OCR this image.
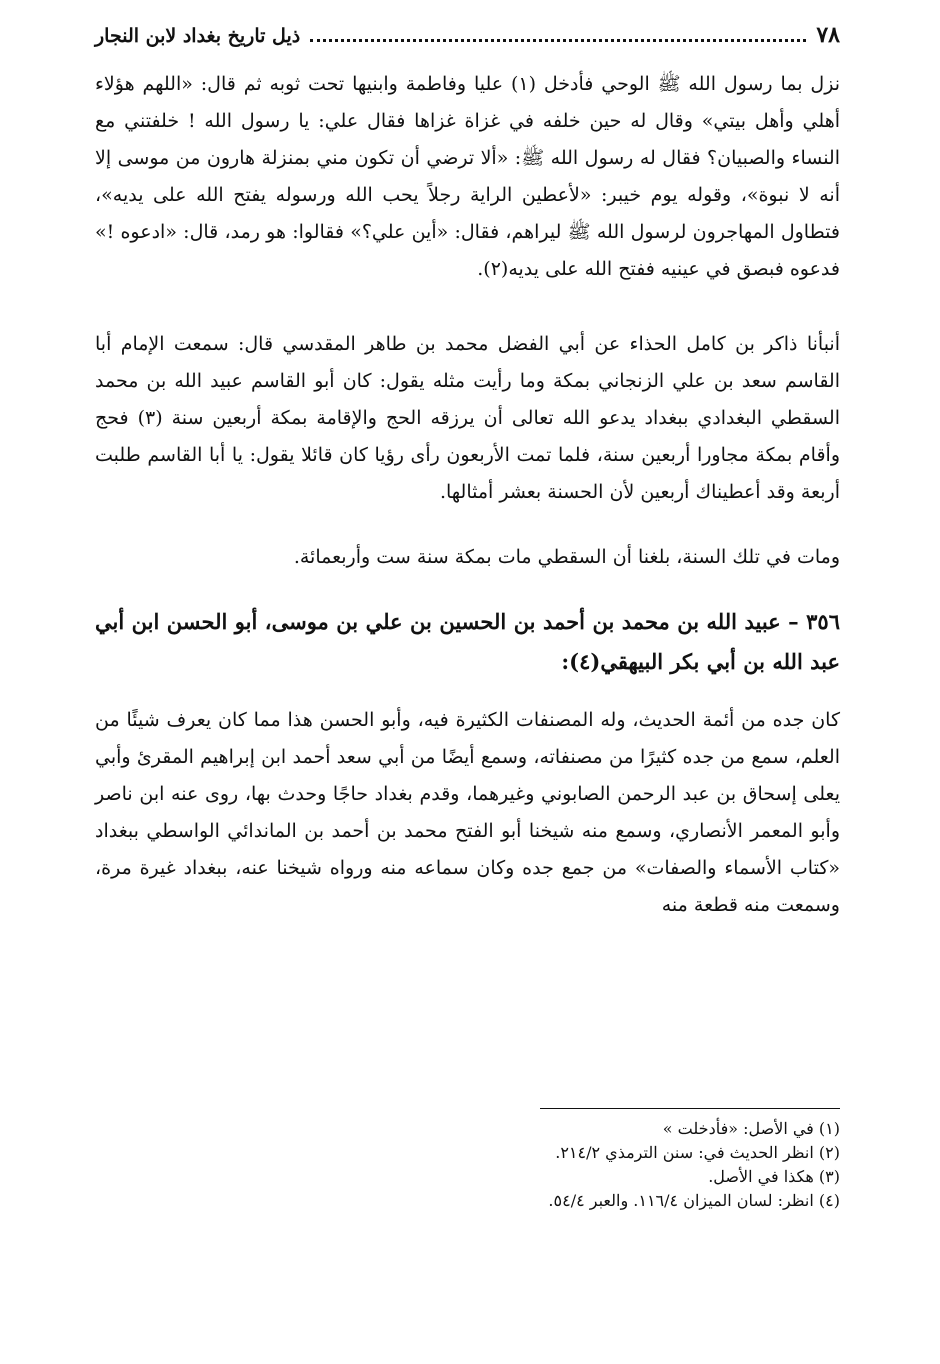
٧٨
ذيل تاريخ بغداد لابن النجار

نزل بما رسول الله ﷺ الوحي فأدخل (١) عليا وفاطمة وابنيها تحت ثوبه ثم قال: «اللهم هؤلاء أهلي وأهل بيتي» وقال له حين خلفه في غزاة غزاها فقال علي: يا رسول الله ! خلفتني مع النساء والصبيان؟ فقال له رسول الله ﷺ: «ألا ترضي أن تكون مني بمنزلة هارون من موسى إلا أنه لا نبوة»، وقوله يوم خيبر: «لأعطين الراية رجلاً يحب الله ورسوله يفتح الله على يديه»، فتطاول المهاجرون لرسول الله ﷺ ليراهم، فقال: «أين علي؟» فقالوا: هو رمد، قال: «ادعوه !» فدعوه فبصق في عينيه ففتح الله على يديه(٢).

أنبأنا ذاكر بن كامل الحذاء عن أبي الفضل محمد بن طاهر المقدسي قال: سمعت الإمام أبا القاسم سعد بن علي الزنجاني بمكة وما رأيت مثله يقول: كان أبو القاسم عبيد الله بن محمد السقطي البغدادي ببغداد يدعو الله تعالى أن يرزقه الحج والإقامة بمكة أربعين سنة (٣) فحج وأقام بمكة مجاورا أربعين سنة، فلما تمت الأربعون رأى رؤيا كان قائلا يقول: يا أبا القاسم طلبت أربعة وقد أعطيناك أربعين لأن الحسنة بعشر أمثالها.

ومات في تلك السنة، بلغنا أن السقطي مات بمكة سنة ست وأربعمائة.

٣٥٦ – عبيد الله بن محمد بن أحمد بن الحسين بن علي بن موسى، أبو الحسن ابن أبي عبد الله بن أبي بكر البيهقي(٤):

كان جده من أئمة الحديث، وله المصنفات الكثيرة فيه، وأبو الحسن هذا مما كان يعرف شيئًا من العلم، سمع من جده كثيرًا من مصنفاته، وسمع أيضًا من أبي سعد أحمد ابن إبراهيم المقرئ وأبي يعلى إسحاق بن عبد الرحمن الصابوني وغيرهما، وقدم بغداد حاجًا وحدث بها، روى عنه ابن ناصر وأبو المعمر الأنصاري، وسمع منه شيخنا أبو الفتح محمد بن أحمد بن الماندائي الواسطي ببغداد «كتاب الأسماء والصفات» من جمع جده وكان سماعه منه ورواه شيخنا عنه، ببغداد غيرة مرة، وسمعت منه قطعة منه

(١) في الأصل: «فأدخلت »

(٢) انظر الحديث في: سنن الترمذي ٢١٤/٢.

(٣) هكذا في الأصل.

(٤) انظر: لسان الميزان ١١٦/٤. والعبر ٥٤/٤.
